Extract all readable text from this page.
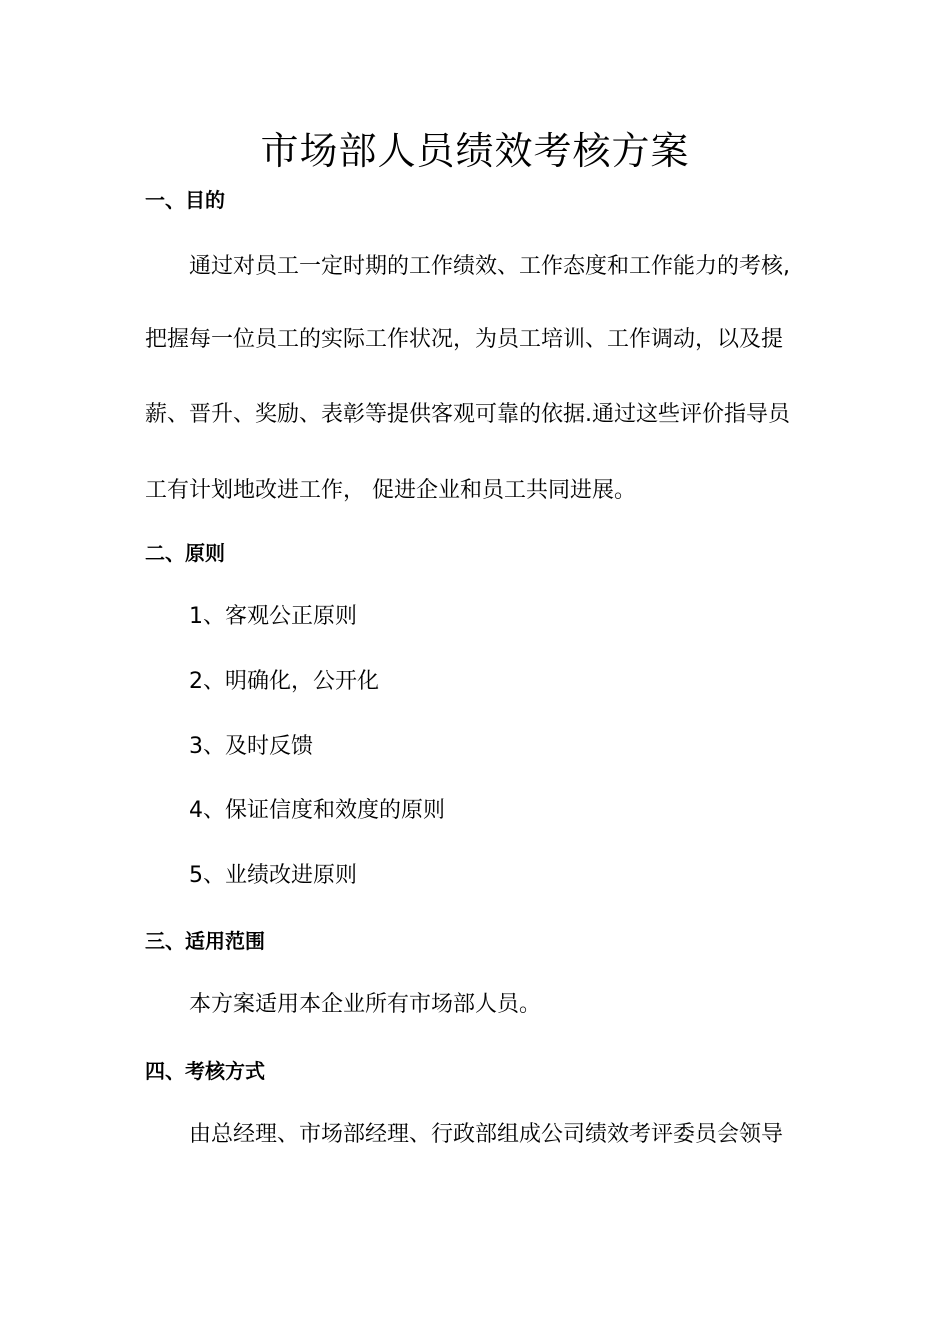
市场部人员绩效考核方案
一、目的

通过对员工一定时期的工作绩效、工作态度和工作能力的考核,

把握每一位员工的实际工作状况，为员工培训、工作调动，以及提

薪、晋升、奖励、表彰等提供客观可靠的依据.通过这些评价指导员

工有计划地改进工作， 促进企业和员工共同进展。

二、原则

1、客观公正原则

2、明确化，公开化

3、及时反馈

4、保证信度和效度的原则

5、业绩改进原则

三、适用范围

本方案适用本企业所有市场部人员。

四、考核方式

由总经理、市场部经理、行政部组成公司绩效考评委员会领导
